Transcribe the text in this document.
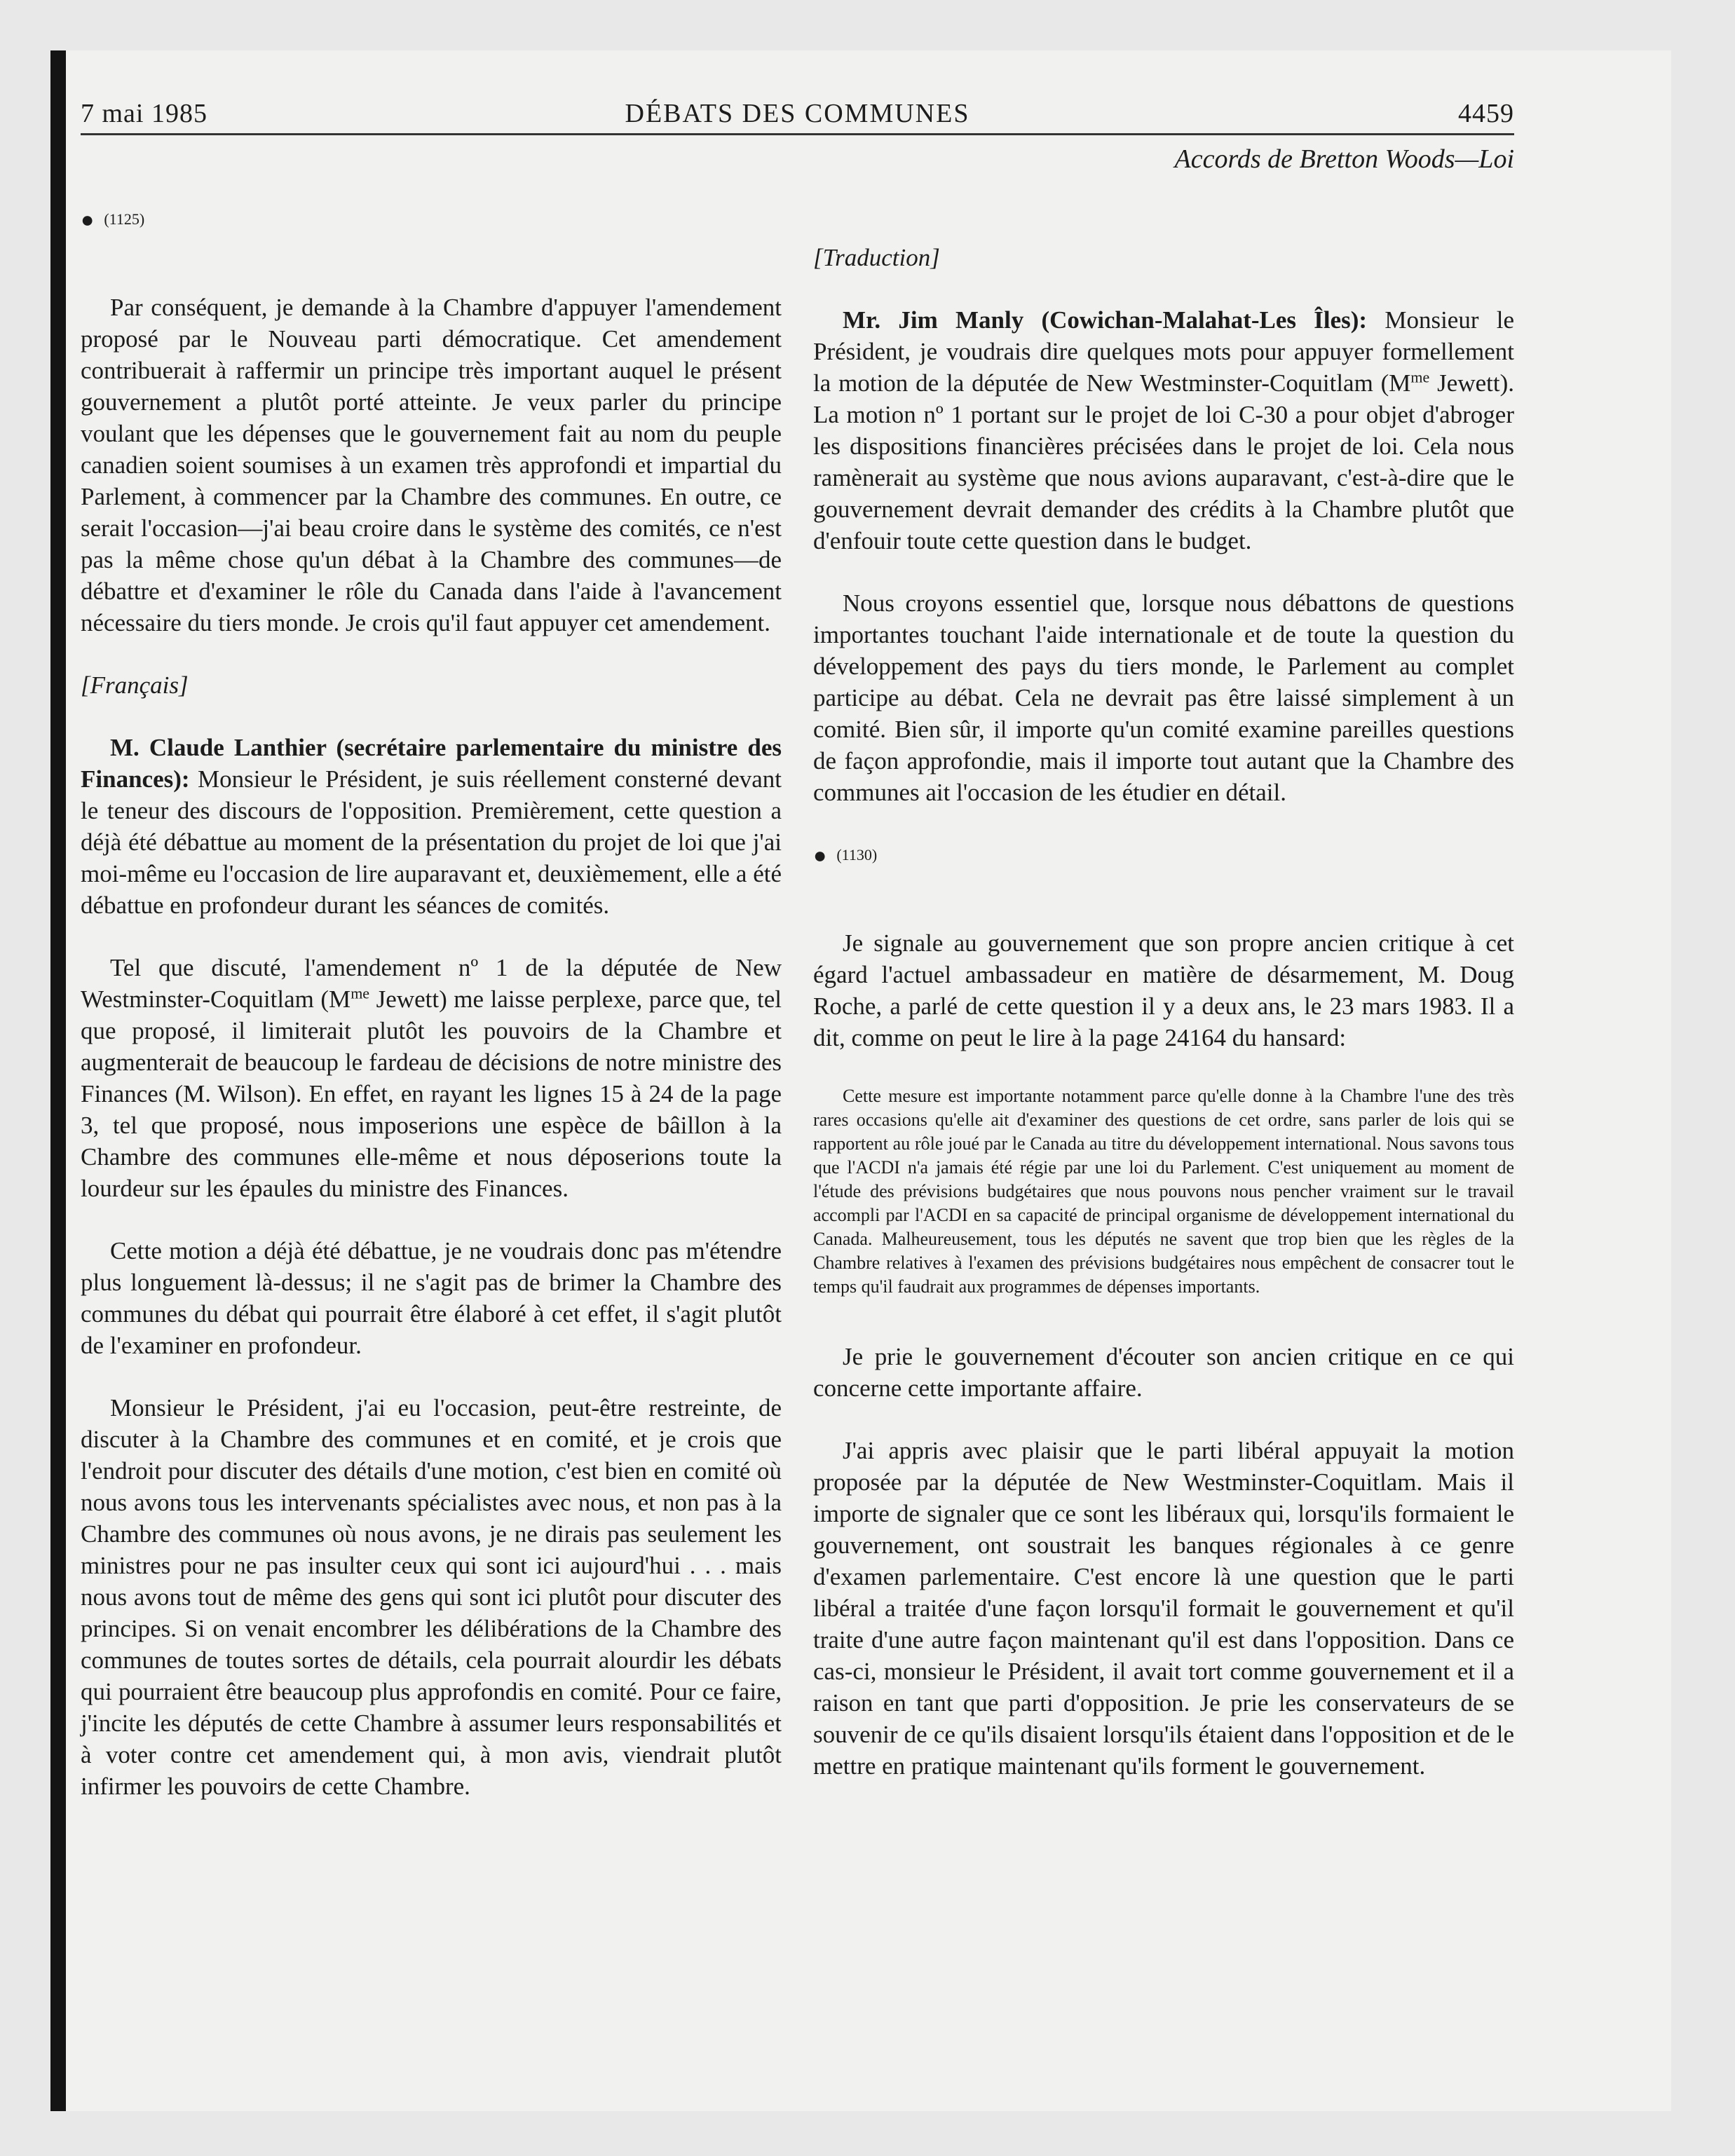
7 mai 1985	DÉBATS DES COMMUNES	4459
Accords de Bretton Woods—Loi
● (1125)

Par conséquent, je demande à la Chambre d'appuyer l'amendement proposé par le Nouveau parti démocratique. Cet amendement contribuerait à raffermir un principe très important auquel le présent gouvernement a plutôt porté atteinte. Je veux parler du principe voulant que les dépenses que le gouvernement fait au nom du peuple canadien soient soumises à un examen très approfondi et impartial du Parlement, à commencer par la Chambre des communes. En outre, ce serait l'occasion—j'ai beau croire dans le système des comités, ce n'est pas la même chose qu'un débat à la Chambre des communes—de débattre et d'examiner le rôle du Canada dans l'aide à l'avancement nécessaire du tiers monde. Je crois qu'il faut appuyer cet amendement.

[Français]

M. Claude Lanthier (secrétaire parlementaire du ministre des Finances): Monsieur le Président, je suis réellement consterné devant le teneur des discours de l'opposition. Premièrement, cette question a déjà été débattue au moment de la présentation du projet de loi que j'ai moi-même eu l'occasion de lire auparavant et, deuxièmement, elle a été débattue en profondeur durant les séances de comités.

Tel que discuté, l'amendement nº 1 de la députée de New Westminster-Coquitlam ($M^{me}$ Jewett) me laisse perplexe, parce que, tel que proposé, il limiterait plutôt les pouvoirs de la Chambre et augmenterait de beaucoup le fardeau de décisions de notre ministre des Finances (M. Wilson). En effet, en rayant les lignes 15 à 24 de la page 3, tel que proposé, nous imposerions une espèce de bâillon à la Chambre des communes elle-même et nous déposerions toute la lourdeur sur les épaules du ministre des Finances.

Cette motion a déjà été débattue, je ne voudrais donc pas m'étendre plus longuement là-dessus; il ne s'agit pas de brimer la Chambre des communes du débat qui pourrait être élaboré à cet effet, il s'agit plutôt de l'examiner en profondeur.

Monsieur le Président, j'ai eu l'occasion, peut-être restreinte, de discuter à la Chambre des communes et en comité, et je crois que l'endroit pour discuter des détails d'une motion, c'est bien en comité où nous avons tous les intervenants spécialistes avec nous, et non pas à la Chambre des communes où nous avons, je ne dirais pas seulement les ministres pour ne pas insulter ceux qui sont ici aujourd'hui . . . mais nous avons tout de même des gens qui sont ici plutôt pour discuter des principes. Si on venait encombrer les délibérations de la Chambre des communes de toutes sortes de détails, cela pourrait alourdir les débats qui pourraient être beaucoup plus approfondis en comité. Pour ce faire, j'incite les députés de cette Chambre à assumer leurs responsabilités et à voter contre cet amendement qui, à mon avis, viendrait plutôt infirmer les pouvoirs de cette Chambre.

[Traduction]

Mr. Jim Manly (Cowichan-Malahat-Les Îles): Monsieur le Président, je voudrais dire quelques mots pour appuyer formellement la motion de la députée de New Westminster-Coquitlam ($M^{me}$ Jewett). La motion nº 1 portant sur le projet de loi C-30 a pour objet d'abroger les dispositions financières précisées dans le projet de loi. Cela nous ramènerait au système que nous avions auparavant, c'est-à-dire que le gouvernement devrait demander des crédits à la Chambre plutôt que d'enfouir toute cette question dans le budget.

Nous croyons essentiel que, lorsque nous débattons de questions importantes touchant l'aide internationale et de toute la question du développement des pays du tiers monde, le Parlement au complet participe au débat. Cela ne devrait pas être laissé simplement à un comité. Bien sûr, il importe qu'un comité examine pareilles questions de façon approfondie, mais il importe tout autant que la Chambre des communes ait l'occasion de les étudier en détail.

● (1130)

Je signale au gouvernement que son propre ancien critique à cet égard l'actuel ambassadeur en matière de désarmement, M. Doug Roche, a parlé de cette question il y a deux ans, le 23 mars 1983. Il a dit, comme on peut le lire à la page 24164 du hansard:

Cette mesure est importante notamment parce qu'elle donne à la Chambre l'une des très rares occasions qu'elle ait d'examiner des questions de cet ordre, sans parler de lois qui se rapportent au rôle joué par le Canada au titre du développement international. Nous savons tous que l'ACDI n'a jamais été régie par une loi du Parlement. C'est uniquement au moment de l'étude des prévisions budgétaires que nous pouvons nous pencher vraiment sur le travail accompli par l'ACDI en sa capacité de principal organisme de développement international du Canada. Malheureusement, tous les députés ne savent que trop bien que les règles de la Chambre relatives à l'examen des prévisions budgétaires nous empêchent de consacrer tout le temps qu'il faudrait aux programmes de dépenses importants.

Je prie le gouvernement d'écouter son ancien critique en ce qui concerne cette importante affaire.

J'ai appris avec plaisir que le parti libéral appuyait la motion proposée par la députée de New Westminster-Coquitlam. Mais il importe de signaler que ce sont les libéraux qui, lorsqu'ils formaient le gouvernement, ont soustrait les banques régionales à ce genre d'examen parlementaire. C'est encore là une question que le parti libéral a traitée d'une façon lorsqu'il formait le gouvernement et qu'il traite d'une autre façon maintenant qu'il est dans l'opposition. Dans ce cas-ci, monsieur le Président, il avait tort comme gouvernement et il a raison en tant que parti d'opposition. Je prie les conservateurs de se souvenir de ce qu'ils disaient lorsqu'ils étaient dans l'opposition et de le mettre en pratique maintenant qu'ils forment le gouvernement.
